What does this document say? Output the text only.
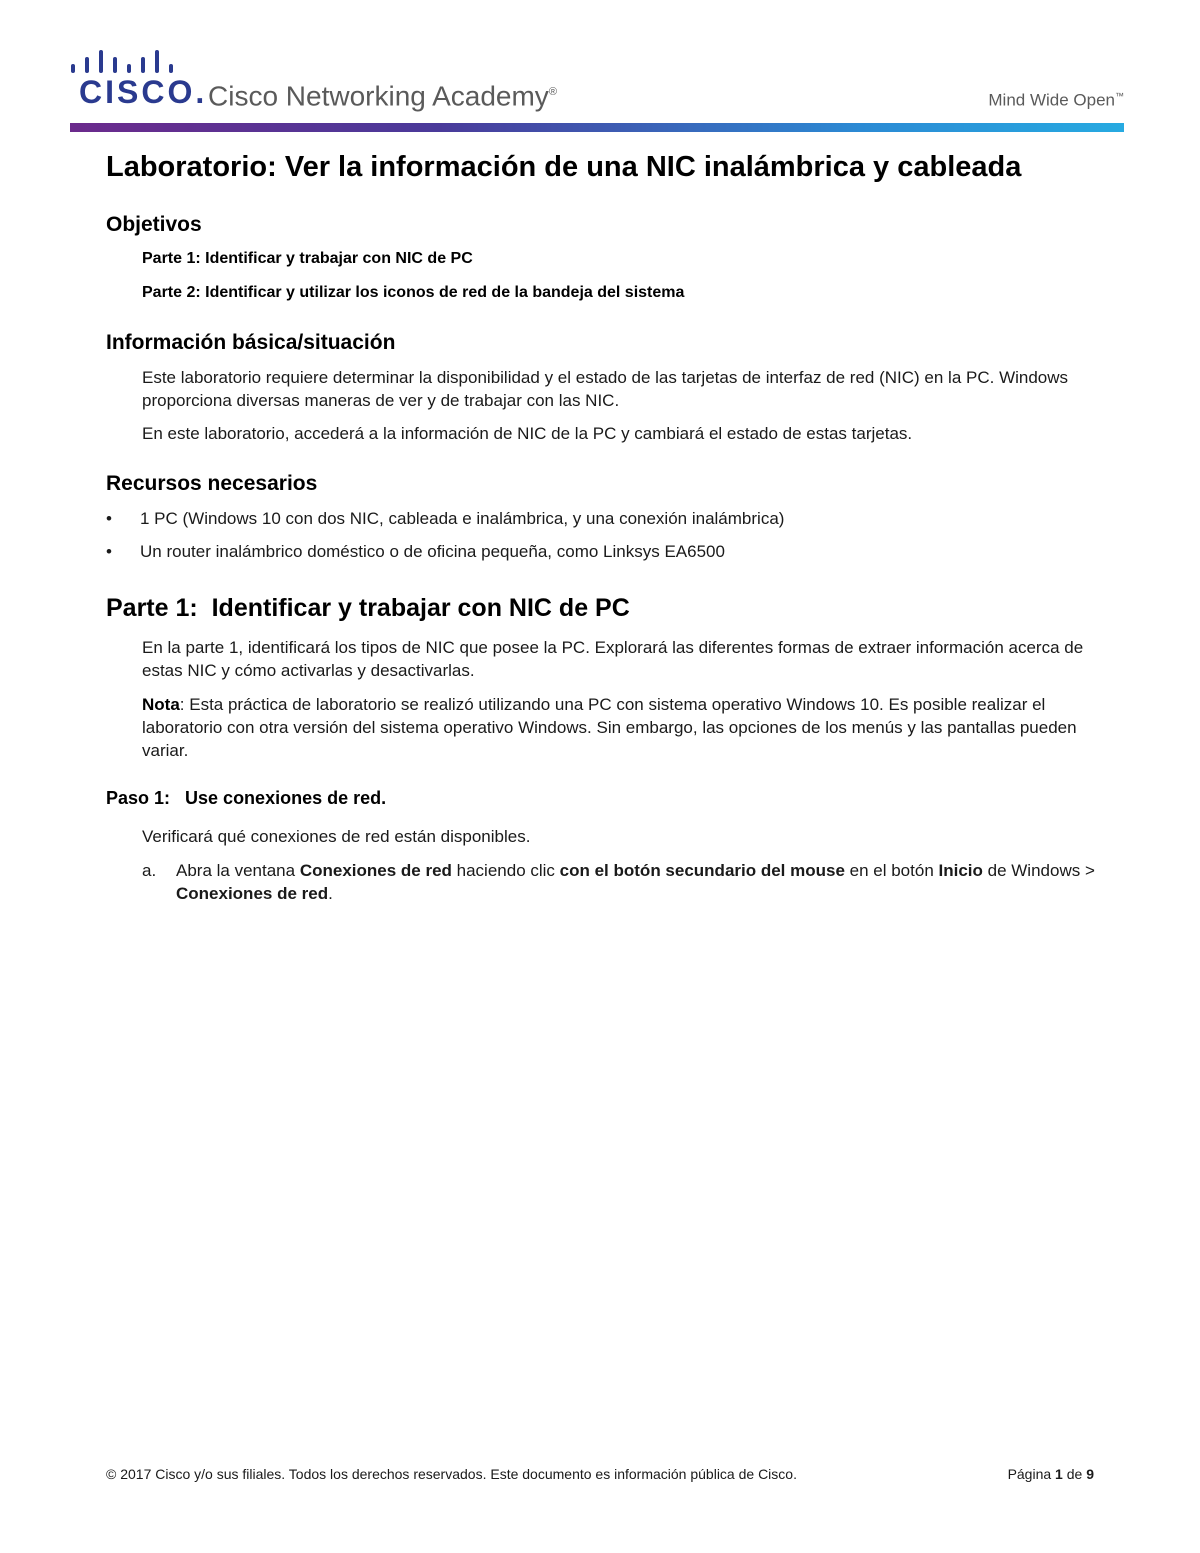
CISCO. Cisco Networking Academy®	Mind Wide Open™
Laboratorio: Ver la información de una NIC inalámbrica y cableada
Objetivos

Parte 1: Identificar y trabajar con NIC de PC

Parte 2: Identificar y utilizar los iconos de red de la bandeja del sistema

Información básica/situación

Este laboratorio requiere determinar la disponibilidad y el estado de las tarjetas de interfaz de red (NIC) en la PC. Windows proporciona diversas maneras de ver y de trabajar con las NIC.

En este laboratorio, accederá a la información de NIC de la PC y cambiará el estado de estas tarjetas.

Recursos necesarios
• 1 PC (Windows 10 con dos NIC, cableada e inalámbrica, y una conexión inalámbrica)
• Un router inalámbrico doméstico o de oficina pequeña, como Linksys EA6500
Parte 1:  Identificar y trabajar con NIC de PC

En la parte 1, identificará los tipos de NIC que posee la PC. Explorará las diferentes formas de extraer información acerca de estas NIC y cómo activarlas y desactivarlas.

Nota: Esta práctica de laboratorio se realizó utilizando una PC con sistema operativo Windows 10. Es posible realizar el laboratorio con otra versión del sistema operativo Windows. Sin embargo, las opciones de los menús y las pantallas pueden variar.

Paso 1:   Use conexiones de red.

Verificará qué conexiones de red están disponibles.

a. Abra la ventana Conexiones de red haciendo clic con el botón secundario del mouse en el botón Inicio de Windows > Conexiones de red.
© 2017 Cisco y/o sus filiales. Todos los derechos reservados. Este documento es información pública de Cisco.	Página 1 de 9
